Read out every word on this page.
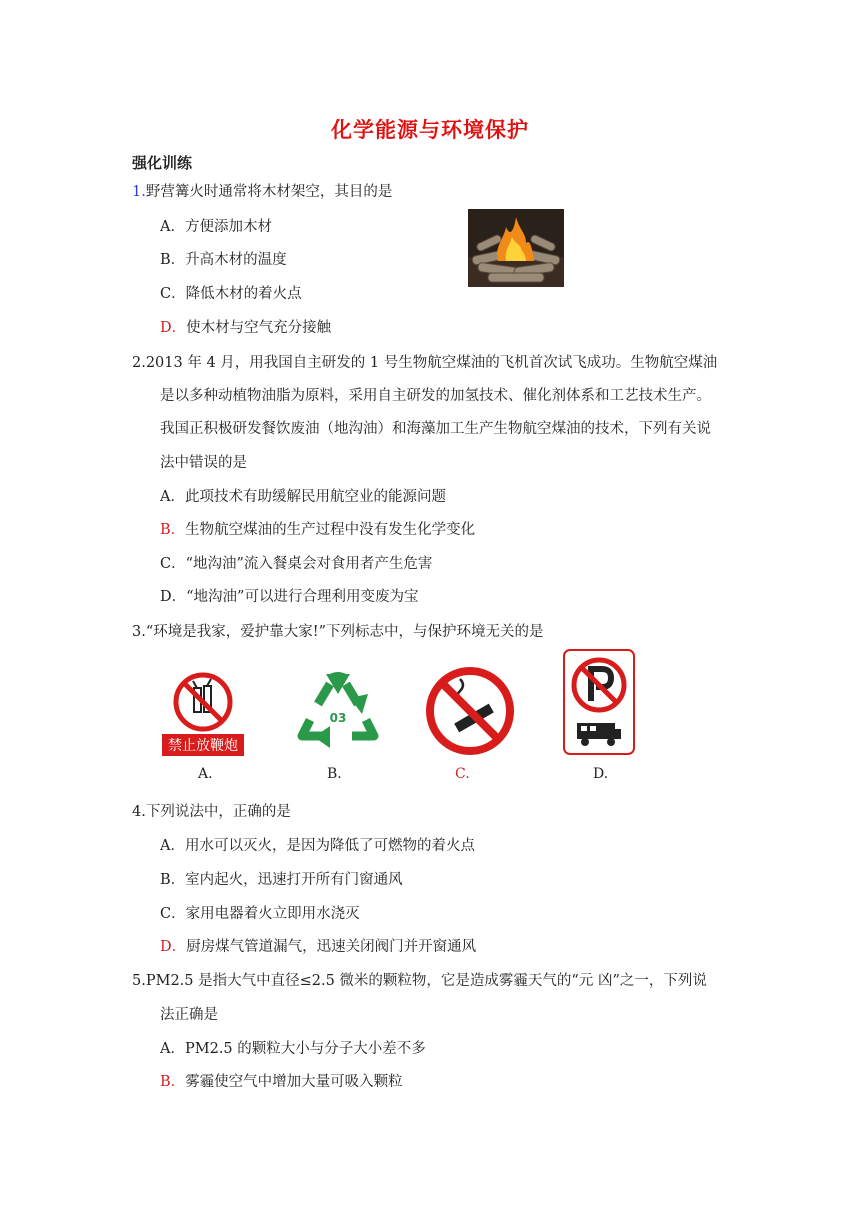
化学能源与环境保护
强化训练
1.野营篝火时通常将木材架空，其目的是
A．方便添加木材
B．升高木材的温度
C．降低木材的着火点
D．使木材与空气充分接触
2.2013 年 4 月，用我国自主研发的 1 号生物航空煤油的飞机首次试飞成功。生物航空煤油
是以多种动植物油脂为原料，采用自主研发的加氢技术、催化剂体系和工艺技术生产。
我国正积极研发餐饮废油（地沟油）和海藻加工生产生物航空煤油的技术，下列有关说
法中错误的是
A．此项技术有助缓解民用航空业的能源问题
B．生物航空煤油的生产过程中没有发生化学变化
C．“地沟油”流入餐桌会对食用者产生危害
D．“地沟油”可以进行合理利用变废为宝
3.“环境是我家，爱护靠大家!”下列标志中，与保护环境无关的是
禁止放鞭炮
03
A.	B.	C.	D.
4.下列说法中，正确的是
A．用水可以灭火，是因为降低了可燃物的着火点
B．室内起火，迅速打开所有门窗通风
C．家用电器着火立即用水浇灭
D．厨房煤气管道漏气，迅速关闭阀门并开窗通风
5.PM2.5 是指大气中直径≤2.5 微米的颗粒物，它是造成雾霾天气的“元 凶”之一，下列说
法正确是
A．PM2.5 的颗粒大小与分子大小差不多
B．雾霾使空气中增加大量可吸入颗粒
